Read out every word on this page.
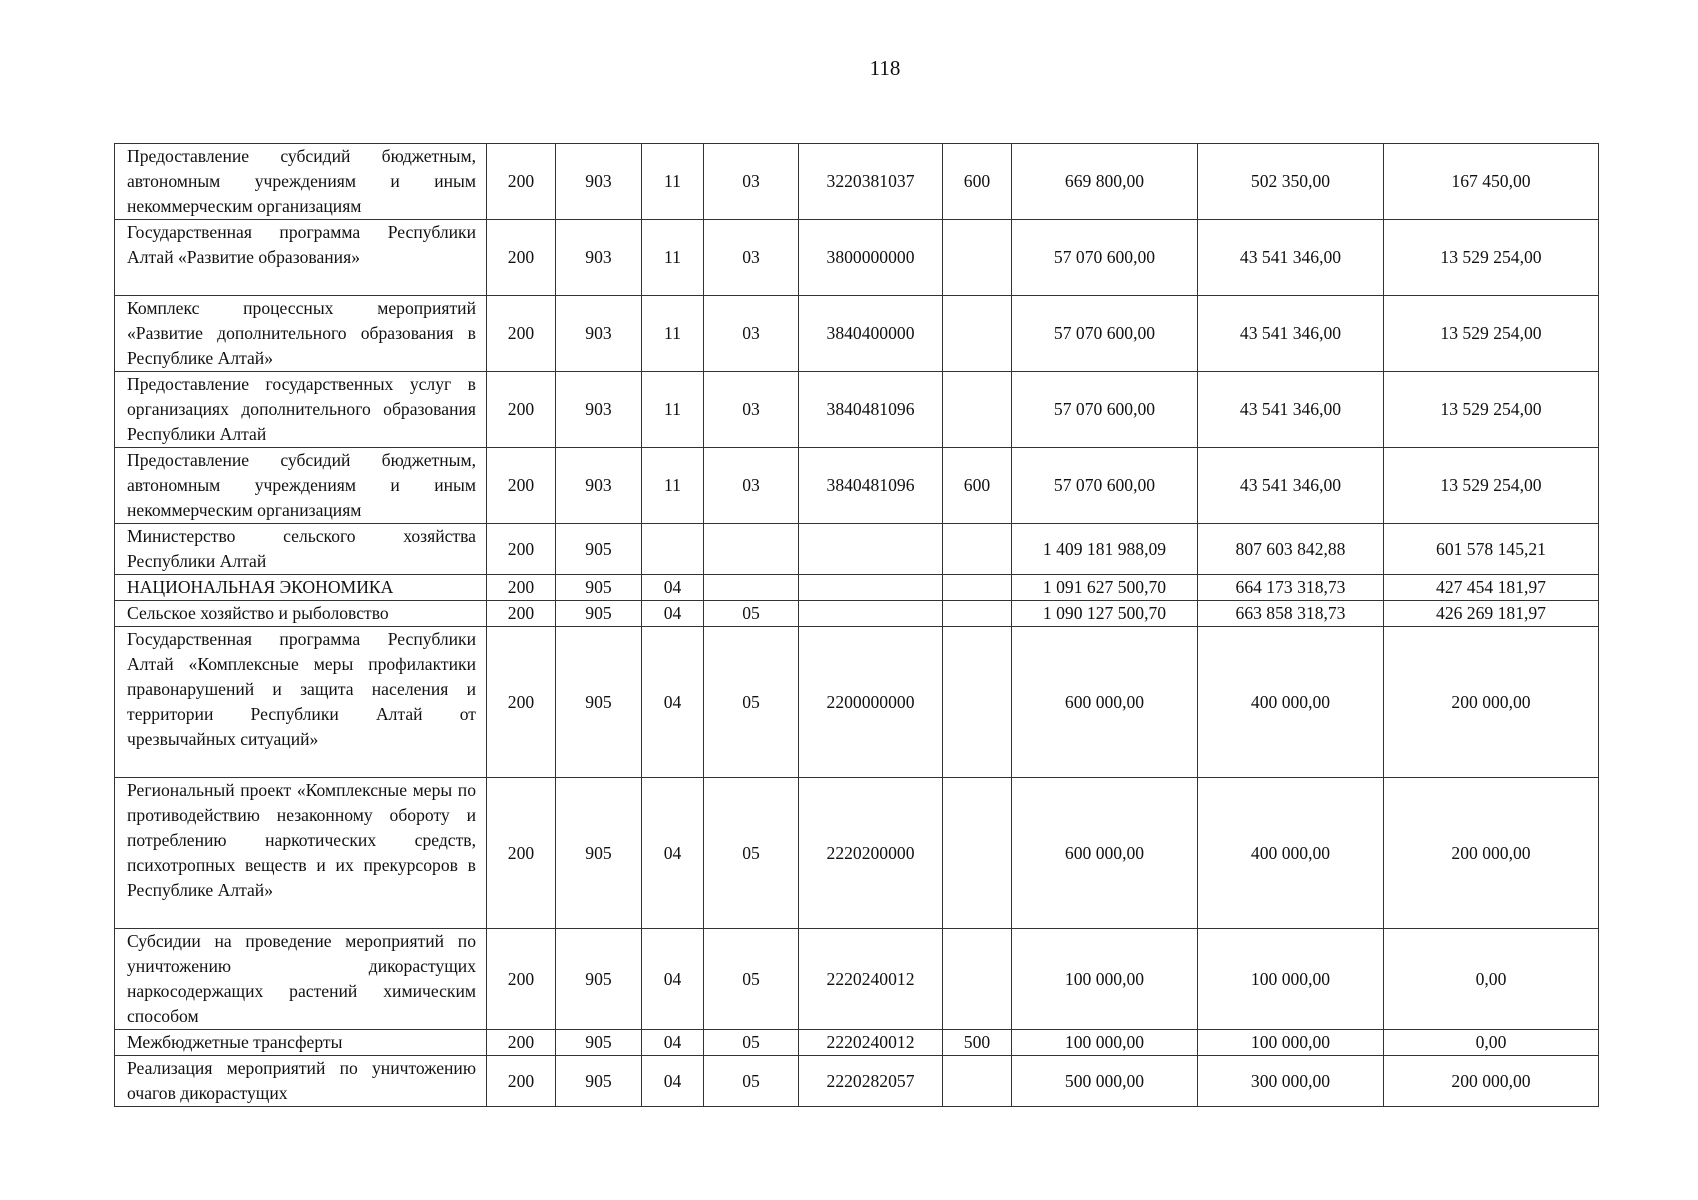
118
Предоставление субсидий бюджетным, автономным учреждениям и иным некоммерческим организациям	200	903	11	03	3220381037	600	669 800,00	502 350,00	167 450,00
Государственная программа Республики Алтай «Развитие образования»	200	903	11	03	3800000000		57 070 600,00	43 541 346,00	13 529 254,00
Комплекс процессных мероприятий «Развитие дополнительного образования в Республике Алтай»	200	903	11	03	3840400000		57 070 600,00	43 541 346,00	13 529 254,00
Предоставление государственных услуг в организациях дополнительного образования Республики Алтай	200	903	11	03	3840481096		57 070 600,00	43 541 346,00	13 529 254,00
Предоставление субсидий бюджетным, автономным учреждениям и иным некоммерческим организациям	200	903	11	03	3840481096	600	57 070 600,00	43 541 346,00	13 529 254,00
Министерство сельского хозяйства Республики Алтай	200	905					1 409 181 988,09	807 603 842,88	601 578 145,21
НАЦИОНАЛЬНАЯ ЭКОНОМИКА	200	905	04				1 091 627 500,70	664 173 318,73	427 454 181,97
Сельское хозяйство и рыболовство	200	905	04	05			1 090 127 500,70	663 858 318,73	426 269 181,97
Государственная программа Республики Алтай «Комплексные меры профилактики правонарушений и защита населения и территории Республики Алтай от чрезвычайных ситуаций»	200	905	04	05	2200000000		600 000,00	400 000,00	200 000,00
Региональный проект «Комплексные меры по противодействию незаконному обороту и потреблению наркотических средств, психотропных веществ и их прекурсоров в Республике Алтай»	200	905	04	05	2220200000		600 000,00	400 000,00	200 000,00
Субсидии на проведение мероприятий по уничтожению дикорастущих наркосодержащих растений химическим способом	200	905	04	05	2220240012		100 000,00	100 000,00	0,00
Межбюджетные трансферты	200	905	04	05	2220240012	500	100 000,00	100 000,00	0,00
Реализация мероприятий по уничтожению очагов дикорастущих	200	905	04	05	2220282057		500 000,00	300 000,00	200 000,00
